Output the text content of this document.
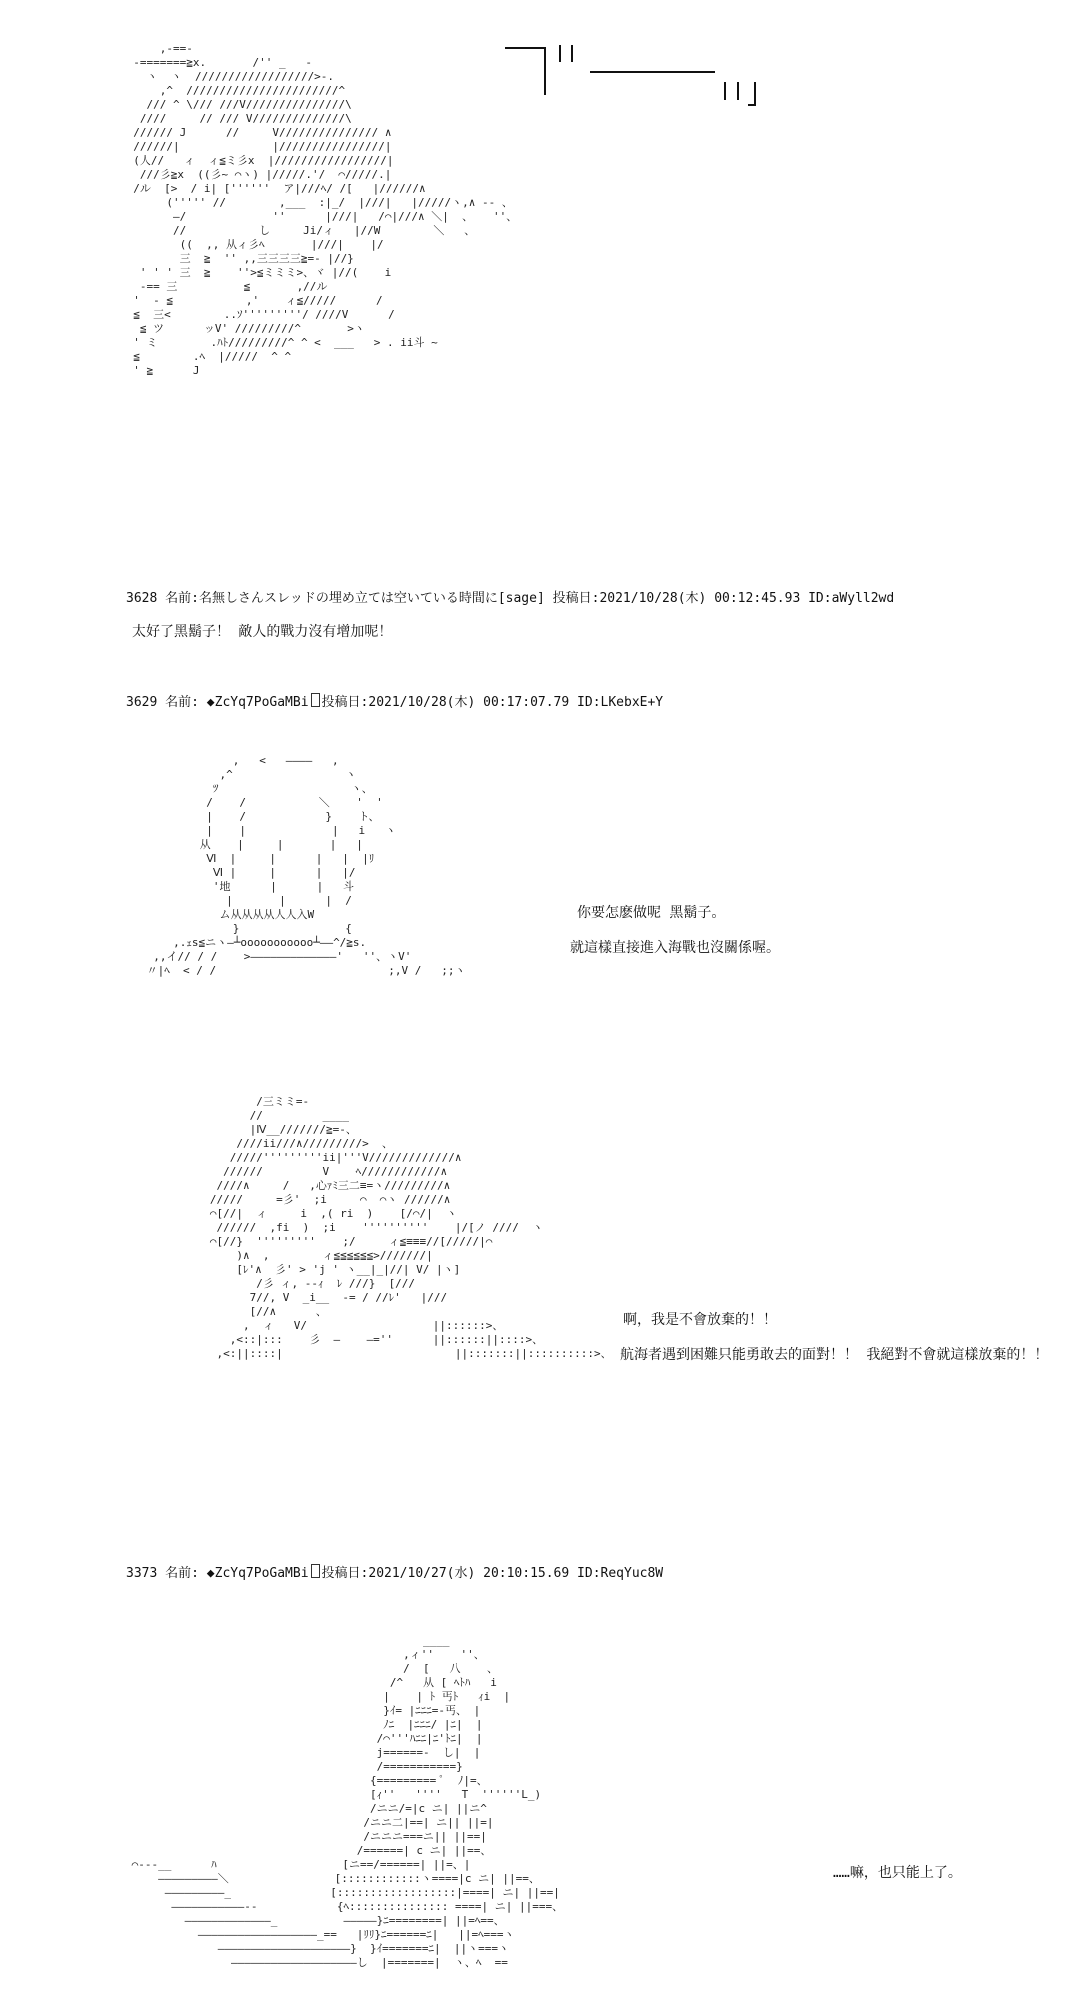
,-==-
-=======≧x.       /'' _   -
ヽ  ヽ  //////////////////>-.
,^  ///////////////////////^
/// ^ \/// ///V///////////////\
////     // /// V//////////////\
////// J      //     V/////////////// ∧
//////|              |////////////////|
(人//   ィ  ィ≦ミ彡x  |/////////////////|
///彡≧x  ((彡~ ⌒ヽ) |/////.'/  ⌒/////.|
/ル  [>  / i| [''''''  ア|///ﾍ/ /[   |//////∧
(''''' //        ,___  :|_/  |///|   |/////ヽ,∧ -- 、
―/             ''      |///|   /⌒|///∧ ＼|  、   ''、
//           し     Ji/ィ   |//W        ＼   、
((  ,, 从ィ彡ﾍ       |///|    |/
三  ≧  '' ,,三三三三≧=- |//}
' ' ' 三  ≧    ''>≦ミミミ>、ヾ |//(    i
-== 三          ≦       ,//ル
'  - ≦           ,'    ィ≦/////      /
≦  三<        ..ｿ'''''''''/ ////V      /
≦ ツ      ッV' /////////^       >ヽ
' ミ        .ﾊﾄ/////////^ ^ <  ___   > . ii斗 ~
≦        .ﾍ  |/////  ^ ^
' ≧      J

3628 名前:名無しさんスレッドの埋め立ては空いている時間に[sage] 投稿日:2021/10/28(木) 00:12:45.93 ID:aWyll2wd

太好了黑鬍子！ 敵人的戰力沒有增加呢！

3629 名前: ◆ZcYq7PoGaMBi 投稿日:2021/10/28(木) 00:17:07.79 ID:LKebxE+Y

,   <   ――――   ,
,^                 ヽ
ﾂ                    ヽ、
/    /           ＼    '  '
|    /            }    ト、
|    |             |   i   ヽ
从    |     |       |   |
Ⅵ  |     |      |   |  |ﾘ
Ⅵ |     |      |   |/
'地      |      |   斗
|       |      |  /
ム从从从从人人入W
}                {
,.ｪs≦ニヽ―┴ooooooooooo┴――^/≧s.
,,イ// / /    >―――――――――――――'   ''、ヽV'
〃|ﾍ  < / /                          ;,V /   ;;ヽ

你要怎麽做呢 黑鬍子。

就這樣直接進入海戰也沒關係喔。

/三ミミ=-
//         ____
|Ⅳ__///////≧=-、
////ii///∧/////////>  、
/////'''''''''ii|'''V/////////////∧
//////         V    ﾍ////////////∧
////∧     /   ,心ｧﾐ三二≡=ヽ/////////∧
/////     =彡'  ;i     ⌒  ⌒ヽ //////∧
⌒[//|  ィ     i  ,( ri  )    [/⌒/|  ヽ
//////  ,fi  )  ;i    ''''''''''    |/[ノ ////  ヽ
⌒[//}  '''''''''    ;/     ィ≦≡≡≡//[/////|⌒
)∧  ,        ィ≦≦≦≦≦≦>///////|
[ﾚ'∧  彡' > 'j ' ヽ__|_|//| V/ |ヽ]
/彡 ィ, --ｨ  ﾚ ///}  [///
7//, V  _i__  -= / //ﾚ'   |///
[//∧	、
,  ィ   V/                   ||::::::>、
,<::|:::    彡  ―    ―=''      ||::::::||::::>、
,<:||::::|                          ||:::::::||::::::::::>、

啊，我是不會放棄的！！

航海者遇到困難只能勇敢去的面對！！ 我絕對不會就這樣放棄的！！

3373 名前: ◆ZcYq7PoGaMBi 投稿日:2021/10/27(水) 20:10:15.69 ID:ReqYuc8W

____
,ィ''    ''、
/  [   八    、
/^   从 [ ﾍﾄﾊ   i
|    | ﾄ 丐ﾄ   ｨi  |
}ｲ= |ﾆﾆﾆ=-丐、 |
ﾉﾆ  |ﾆﾆﾆ/ |ﾆ|  |
/⌒'''ﾊﾆﾆ|ﾆ'ﾄﾆ|  |
j======-  し|  |
/===========}
{========= ﾟ  ﾉ|=、
[ｨ''   ''''   T  ''''''L_)
/ニニ/=|c ニ| ||ニ^
/ニニ二|==| ニ|| ||=|
/ニニニ===ニ|| ||==|
/======| c ニ| ||==、
⌒‐‐‐__      ﾊ                   [ニ==/======| ||=、|
―――――――――＼                [::::::::::::ヽ====|c ニ| ||==、
―――――――――_               [::::::::::::::::::|====| ニ| ||==|
―――――――――――--            {ﾍ::::::::::::::: ====| ニ| ||===、
―――――――――――――_          ―――――}ﾆ========| ||=ﾍ==、
――――――――――――――――――_==   |ﾘﾘ}ﾆ======ﾆ|   ||=ﾍ===ヽ
――――――――――――――――――――}  }ｲ=======ﾆ|  ||ヽ===ヽ
―――――――――――――――――――し  |=======|  ヽ、ﾍ  ==

……嘛，也只能上了。
